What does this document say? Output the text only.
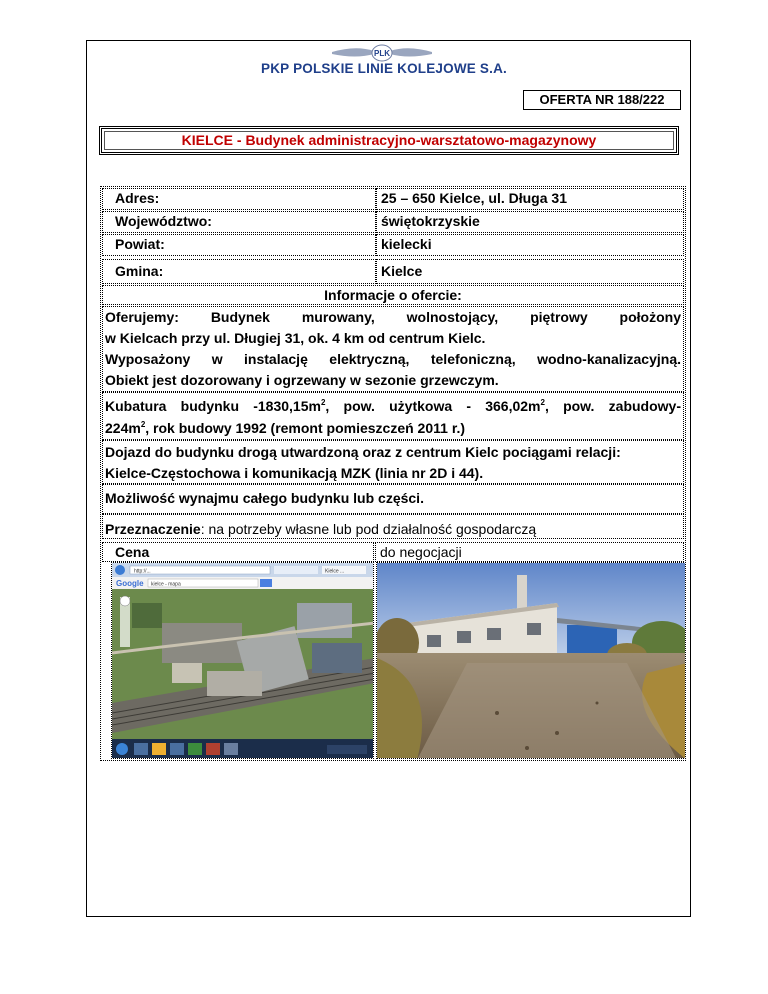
PLK
PKP POLSKIE LINIE KOLEJOWE S.A.
OFERTA NR 188/222
KIELCE - Budynek administracyjno-warsztatowo-magazynowy
Adres:	25 – 650 Kielce, ul. Długa 31
Województwo:	świętokrzyskie
Powiat:	kielecki
Gmina:	Kielce
Informacje o ofercie:
Oferujemy: Budynek murowany, wolnostojący, piętrowy położony
w Kielcach przy ul. Długiej 31, ok. 4 km od centrum Kielc.
Wyposażony w instalację elektryczną, telefoniczną, wodno-kanalizacyjną.
Obiekt jest dozorowany i ogrzewany w sezonie grzewczym.
Kubatura budynku $-1830,15m^2$, pow. użytkowa - $366,02m^2$, pow. zabudowy-
$224m^2$, rok budowy 1992 (remont pomieszczeń 2011 r.)
Dojazd do budynku drogą utwardzoną oraz z centrum Kielc pociągami relacji:
Kielce-Częstochowa i komunikacją MZK (linia nr 2D i 44).
Możliwość wynajmu całego budynku lub części.
Przeznaczenie: na potrzeby własne lub pod działalność gospodarczą
Cena	do negocjacji
http://...	Kielce ...
Google kielce - mapa
